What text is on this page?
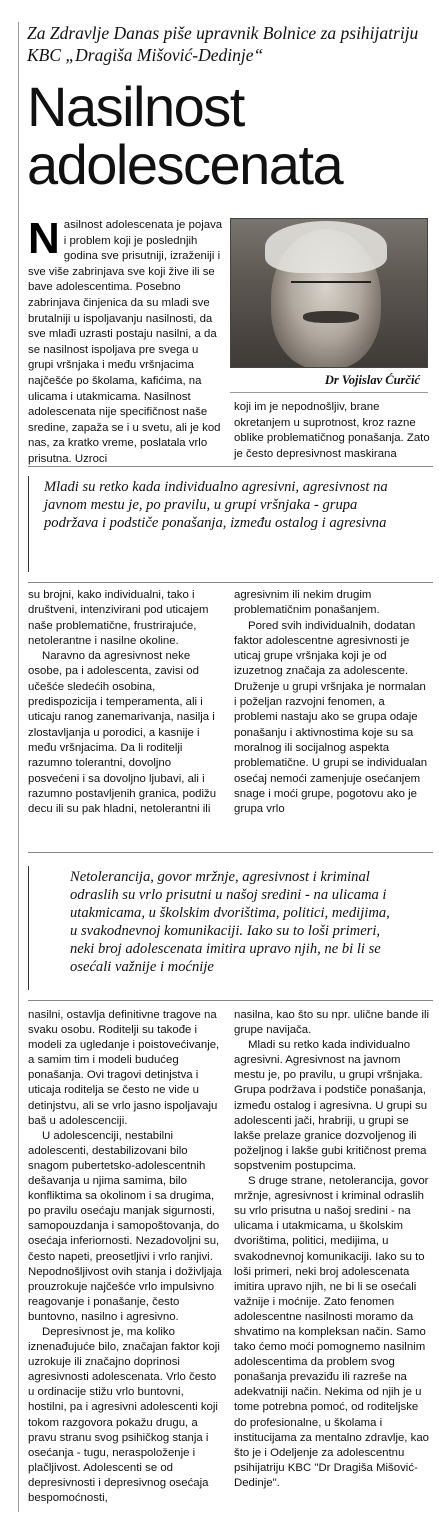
Za Zdravlje Danas piše upravnik Bolnice za psihijatriju KBC „Dragiša Mišović-Dedinje“
Nasilnost adolescenata

Nasilnost adolescenata je pojava i problem koji je poslednjih godina sve prisutniji, izraženiji i sve više zabrinjava sve koji žive ili se bave adolescentima. Posebno zabrinjava činjenica da su mladi sve brutalniji u ispoljavanju nasilnosti, da sve mlađi uzrasti postaju nasilni, a da se nasilnost ispoljava pre svega u grupi vršnjaka i među vršnjacima najčešće po školama, kafićima, na ulicama i utakmicama. Nasilnost adolescenata nije specifičnost naše sredine, zapaža se i u svetu, ali je kod nas, za kratko vreme, poslatala vrlo prisutna. Uzroci

Dr Vojislav Ćurčić

koji im je nepodnošljiv, brane okretanjem u suprotnost, kroz razne oblike problematičnog ponašanja. Zato je često depresivnost maskirana

Mladi su retko kada individualno agresivni, agresivnost na javnom mestu je, po pravilu, u grupi vršnjaka - grupa podržava i podstiče ponašanja, između ostalog i agresivna

su brojni, kako individualni, tako i društveni, intenzivirani pod uticajem naše problematične, frustrirajuće, netolerantne i nasilne okoline.

Naravno da agresivnost neke osobe, pa i adolescenta, zavisi od učešće sledećih osobina, predispozicija i temperamenta, ali i uticaju ranog zanemarivanja, nasilja i zlostavljanja u porodici, a kasnije i među vršnjacima. Da li roditelji razumno tolerantni, dovoljno posvećeni i sa dovoljno ljubavi, ali i razumno postavljenih granica, podižu decu ili su pak hladni, netolerantni ili

agresivnim ili nekim drugim problematičnim ponašanjem.

Pored svih individualnih, dodatan faktor adolescentne agresivnosti je uticaj grupe vršnjaka koji je od izuzetnog značaja za adolescente. Druženje u grupi vršnjaka je normalan i poželjan razvojni fenomen, a problemi nastaju ako se grupa odaje ponašanju i aktivnostima koje su sa moralnog ili socijalnog aspekta problematične. U grupi se individualan osećaj nemoći zamenjuje osećanjem snage i moći grupe, pogotovu ako je grupa vrlo

Netolerancija, govor mržnje, agresivnost i kriminal odraslih su vrlo prisutni u našoj sredini - na ulicama i utakmicama, u školskim dvorištima, politici, medijima, u svakodnevnoj komunikaciji. Iako su to loši primeri, neki broj adolescenata imitira upravo njih, ne bi li se osećali važnije i moćnije

nasilni, ostavlja definitivne tragove na svaku osobu. Roditelji su takođe i modeli za ugledanje i poistovećivanje, a samim tim i modeli budućeg ponašanja. Ovi tragovi detinjstva i uticaja roditelja se često ne vide u detinjstvu, ali se vrlo jasno ispoljavaju baš u adolescenciji.

U adolescenciji, nestabilni adolescenti, destabilizovani bilo snagom pubertetsko-adolescentnih dešavanja u njima samima, bilo konfliktima sa okolinom i sa drugima, po pravilu osećaju manjak sigurnosti, samopouzdanja i samopoštovanja, do osećaja inferiornosti. Nezadovoljni su, često napeti, preosetljivi i vrlo ranjivi. Nepodnošljivost ovih stanja i doživljaja prouzrokuje najčešće vrlo impulsivno reagovanje i ponašanje, često buntovno, nasilno i agresivno.

Depresivnost je, ma koliko iznenađujuće bilo, značajan faktor koji uzrokuje ili značajno doprinosi agresivnosti adolescenata. Vrlo često u ordinacije stižu vrlo buntovni, hostilni, pa i agresivni adolescenti koji tokom razgovora pokažu drugu, a pravu stranu svog psihičkog stanja i osećanja - tugu, neraspoloženje i plačljivost. Adolescenti se od depresivnosti i depresivnog osećaja bespomoćnosti,

nasilna, kao što su npr. ulične bande ili grupe navijača.

Mladi su retko kada individualno agresivni. Agresivnost na javnom mestu je, po pravilu, u grupi vršnjaka. Grupa podržava i podstiče ponašanja, između ostalog i agresivna. U grupi su adolescenti jači, hrabriji, u grupi se lakše prelaze granice dozvoljenog ili poželjnog i lakše gubi kritičnost prema sopstvenim postupcima.

S druge strane, netolerancija, govor mržnje, agresivnost i kriminal odraslih su vrlo prisutna u našoj sredini - na ulicama i utakmicama, u školskim dvorištima, politici, medijima, u svakodnevnoj komunikaciji. Iako su to loši primeri, neki broj adolescenata imitira upravo njih, ne bi li se osećali važnije i moćnije. Zato fenomen adolescentne nasilnosti moramo da shvatimo na kompleksan način. Samo tako ćemo moći pomognemo nasilnim adolescentima da problem svog ponašanja prevaziđu ili razreše na adekvatniji način. Nekima od njih je u tome potrebna pomoć, od roditeljske do profesionalne, u školama i institucijama za mentalno zdravlje, kao što je i Odeljenje za adolescentnu psihijatriju KBC "Dr Dragiša Mišović-Dedinje".
